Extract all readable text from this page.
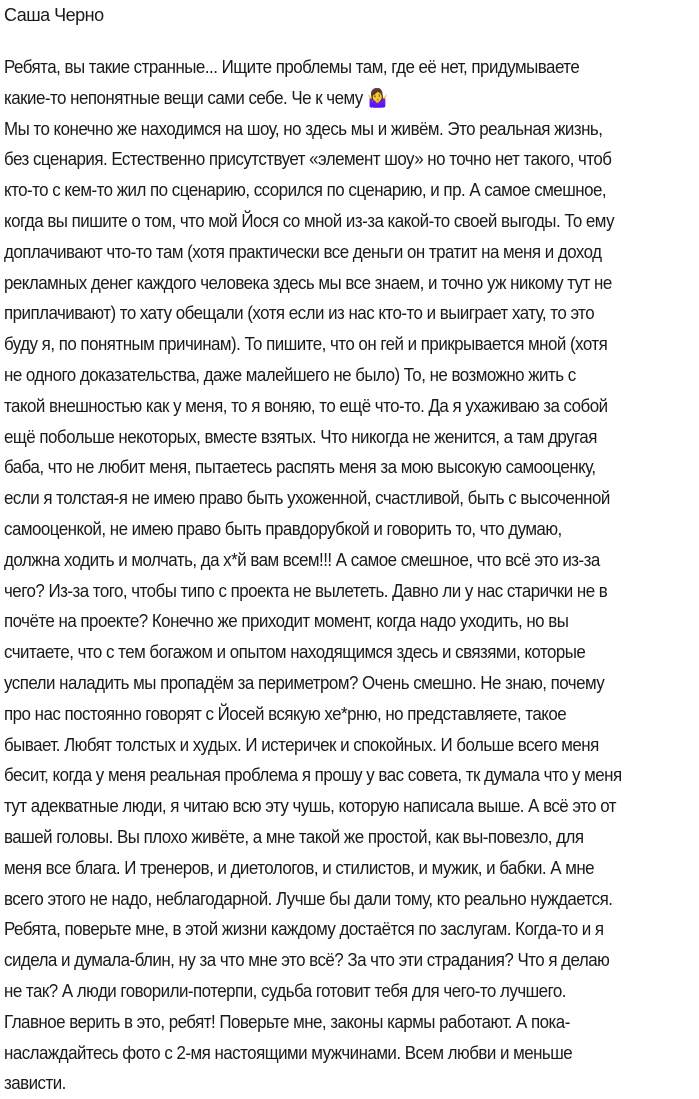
Саша Черно
Ребята, вы такие странные... Ищите проблемы там, где её нет, придумываете
какие-то непонятные вещи сами себе. Че к чему 🤷‍♀️
Мы то конечно же находимся на шоу, но здесь мы и живём. Это реальная жизнь,
без сценария. Естественно присутствует «элемент шоу» но точно нет такого, чтоб
кто-то с кем-то жил по сценарию, ссорился по сценарию, и пр. А самое смешное,
когда вы пишите о том, что мой Йося со мной из-за какой-то своей выгоды. То ему
доплачивают что-то там (хотя практически все деньги он тратит на меня и доход
рекламных денег каждого человека здесь мы все знаем, и точно уж никому тут не
приплачивают) то хату обещали (хотя если из нас кто-то и выиграет хату, то это
буду я, по понятным причинам). То пишите, что он гей и прикрывается мной (хотя
не одного доказательства, даже малейшего не было) То, не возможно жить с
такой внешностью как у меня, то я воняю, то ещё что-то. Да я ухаживаю за собой
ещё побольше некоторых, вместе взятых. Что никогда не женится, а там другая
баба, что не любит меня, пытаетесь распять меня за мою высокую самооценку,
если я толстая-я не имею право быть ухоженной, счастливой, быть с высоченной
самооценкой, не имею право быть правдорубкой и говорить то, что думаю,
должна ходить и молчать, да х*й вам всем!!! А самое смешное, что всё это из-за
чего? Из-за того, чтобы типо с проекта не вылететь. Давно ли у нас старички не в
почёте на проекте? Конечно же приходит момент, когда надо уходить, но вы
считаете, что с тем богажом и опытом находящимся здесь и связями, которые
успели наладить мы пропадём за периметром? Очень смешно. Не знаю, почему
про нас постоянно говорят с Йосей всякую хе*рню, но представляете, такое
бывает. Любят толстых и худых. И истеричек и спокойных. И больше всего меня
бесит, когда у меня реальная проблема я прошу у вас совета, тк думала что у меня
тут адекватные люди, я читаю всю эту чушь, которую написала выше. А всё это от
вашей головы. Вы плохо живёте, а мне такой же простой, как вы-повезло, для
меня все блага. И тренеров, и диетологов, и стилистов, и мужик, и бабки. А мне
всего этого не надо, неблагодарной. Лучше бы дали тому, кто реально нуждается.
Ребята, поверьте мне, в этой жизни каждому достаётся по заслугам. Когда-то и я
сидела и думала-блин, ну за что мне это всё? За что эти страдания? Что я делаю
не так? А люди говорили-потерпи, судьба готовит тебя для чего-то лучшего.
Главное верить в это, ребят! Поверьте мне, законы кармы работают. А пока-
наслаждайтесь фото с 2-мя настоящими мужчинами. Всем любви и меньше
зависти.
